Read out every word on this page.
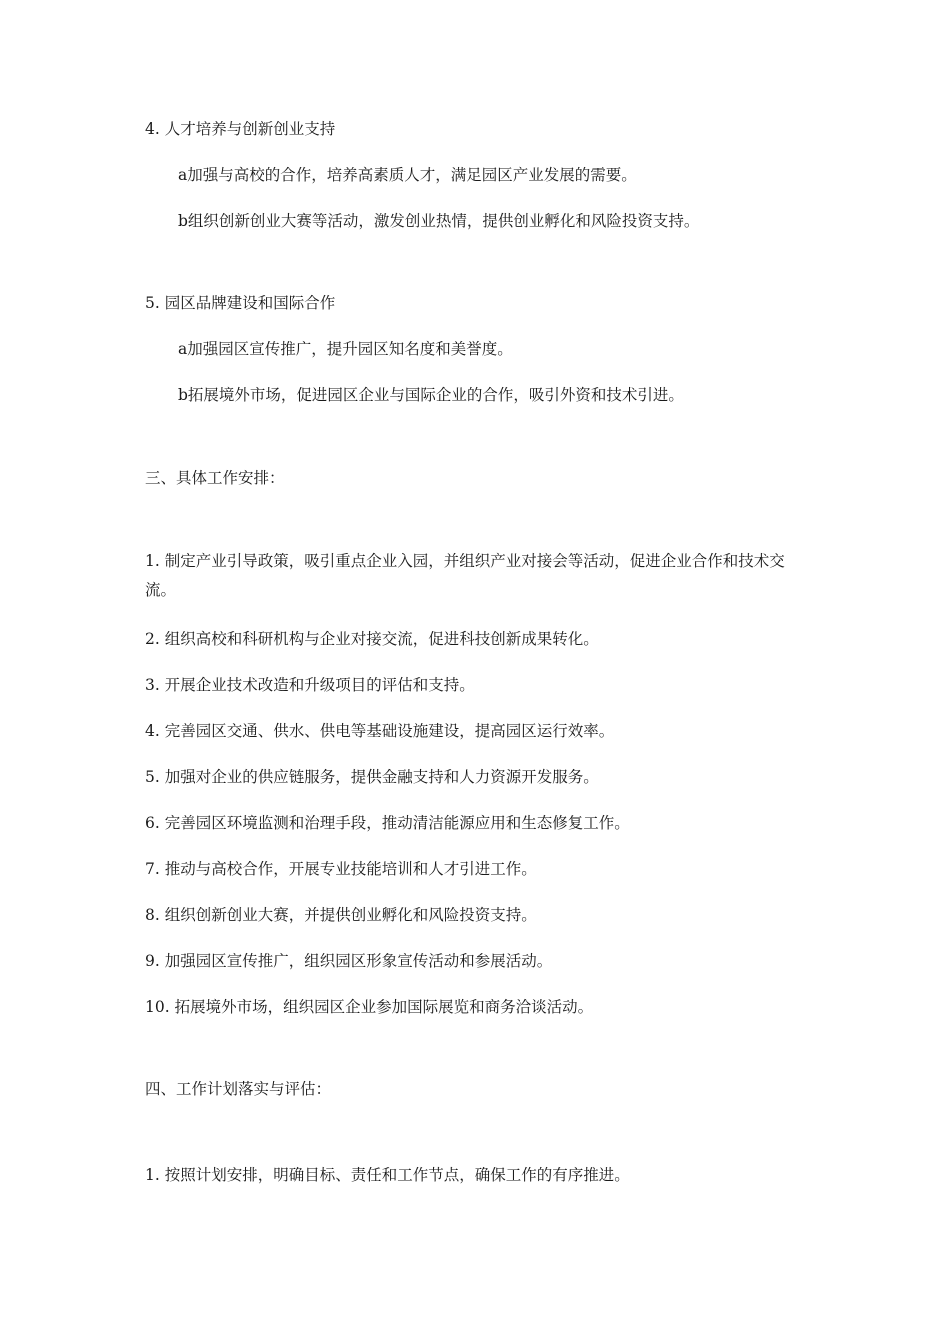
4. 人才培养与创新创业支持
a加强与高校的合作，培养高素质人才，满足园区产业发展的需要。
b组织创新创业大赛等活动，激发创业热情，提供创业孵化和风险投资支持。
5. 园区品牌建设和国际合作
a加强园区宣传推广，提升园区知名度和美誉度。
b拓展境外市场，促进园区企业与国际企业的合作，吸引外资和技术引进。
三、具体工作安排：
1. 制定产业引导政策，吸引重点企业入园，并组织产业对接会等活动，促进企业合作和技术交流。
2. 组织高校和科研机构与企业对接交流，促进科技创新成果转化。
3. 开展企业技术改造和升级项目的评估和支持。
4. 完善园区交通、供水、供电等基础设施建设，提高园区运行效率。
5. 加强对企业的供应链服务，提供金融支持和人力资源开发服务。
6. 完善园区环境监测和治理手段，推动清洁能源应用和生态修复工作。
7. 推动与高校合作，开展专业技能培训和人才引进工作。
8. 组织创新创业大赛，并提供创业孵化和风险投资支持。
9. 加强园区宣传推广，组织园区形象宣传活动和参展活动。
10. 拓展境外市场，组织园区企业参加国际展览和商务洽谈活动。
四、工作计划落实与评估：
1. 按照计划安排，明确目标、责任和工作节点，确保工作的有序推进。
